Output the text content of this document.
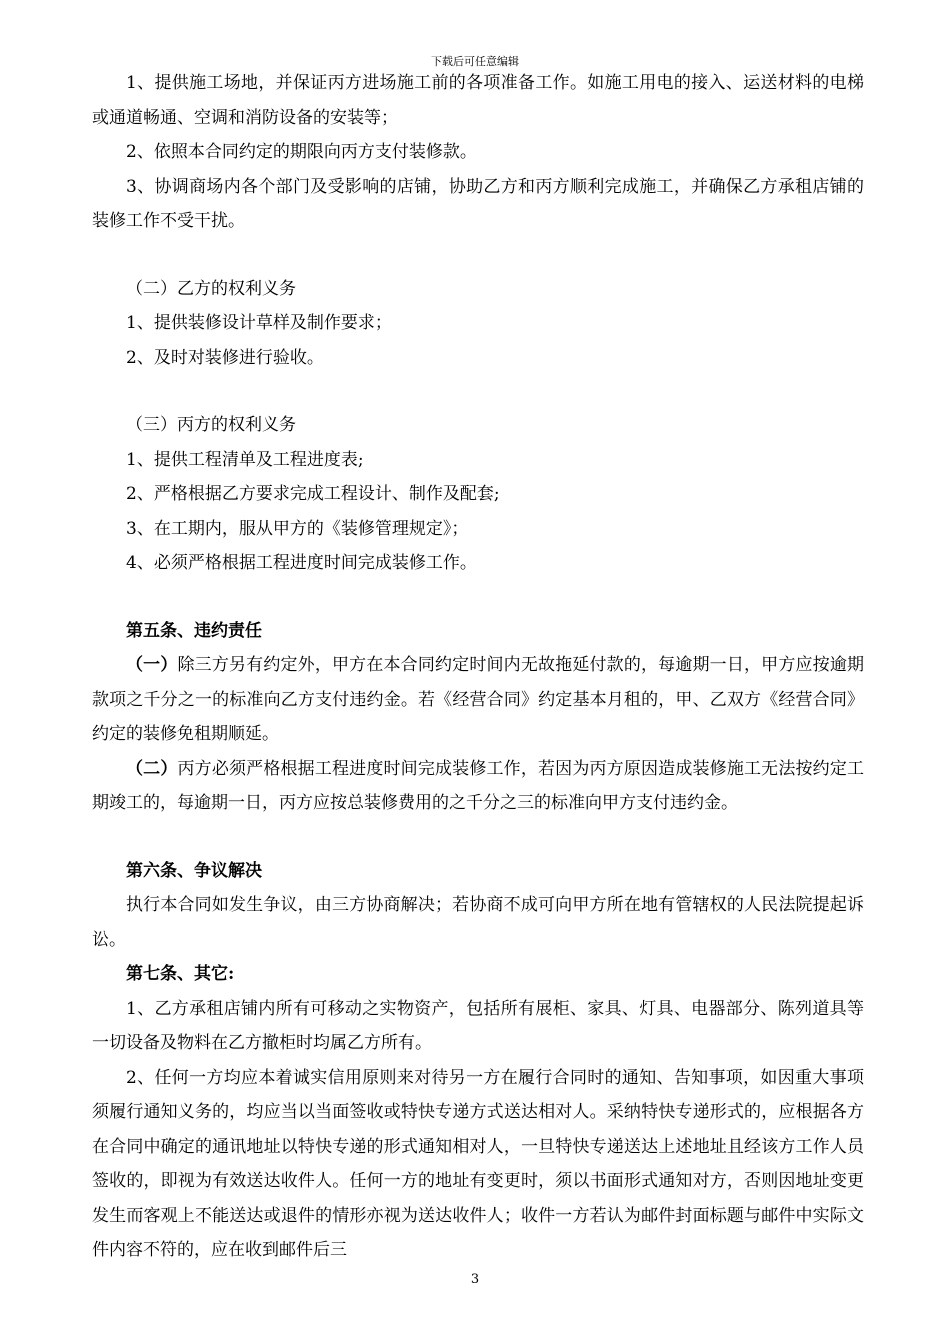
下载后可任意编辑

1、提供施工场地，并保证丙方进场施工前的各项准备工作。如施工用电的接入、运送材料的电梯或通道畅通、空调和消防设备的安装等；

2、依照本合同约定的期限向丙方支付装修款。

3、协调商场内各个部门及受影响的店铺，协助乙方和丙方顺利完成施工，并确保乙方承租店铺的装修工作不受干扰。

（二）乙方的权利义务

1、提供装修设计草样及制作要求；

2、及时对装修进行验收。

（三）丙方的权利义务

1、提供工程清单及工程进度表;

2、严格根据乙方要求完成工程设计、制作及配套;

3、在工期内，服从甲方的《装修管理规定》；

4、必须严格根据工程进度时间完成装修工作。

第五条、违约责任

（一）除三方另有约定外，甲方在本合同约定时间内无故拖延付款的，每逾期一日，甲方应按逾期款项之千分之一的标准向乙方支付违约金。若《经营合同》约定基本月租的，甲、乙双方《经营合同》约定的装修免租期顺延。

（二）丙方必须严格根据工程进度时间完成装修工作，若因为丙方原因造成装修施工无法按约定工期竣工的，每逾期一日，丙方应按总装修费用的之千分之三的标准向甲方支付违约金。

第六条、争议解决

执行本合同如发生争议，由三方协商解决；若协商不成可向甲方所在地有管辖权的人民法院提起诉讼。

第七条、其它:

1、乙方承租店铺内所有可移动之实物资产，包括所有展柜、家具、灯具、电器部分、陈列道具等一切设备及物料在乙方撤柜时均属乙方所有。

2、任何一方均应本着诚实信用原则来对待另一方在履行合同时的通知、告知事项，如因重大事项须履行通知义务的，均应当以当面签收或特快专递方式送达相对人。采纳特快专递形式的，应根据各方在合同中确定的通讯地址以特快专递的形式通知相对人，一旦特快专递送达上述地址且经该方工作人员签收的，即视为有效送达收件人。任何一方的地址有变更时，须以书面形式通知对方，否则因地址变更发生而客观上不能送达或退件的情形亦视为送达收件人；收件一方若认为邮件封面标题与邮件中实际文件内容不符的，应在收到邮件后三

3
